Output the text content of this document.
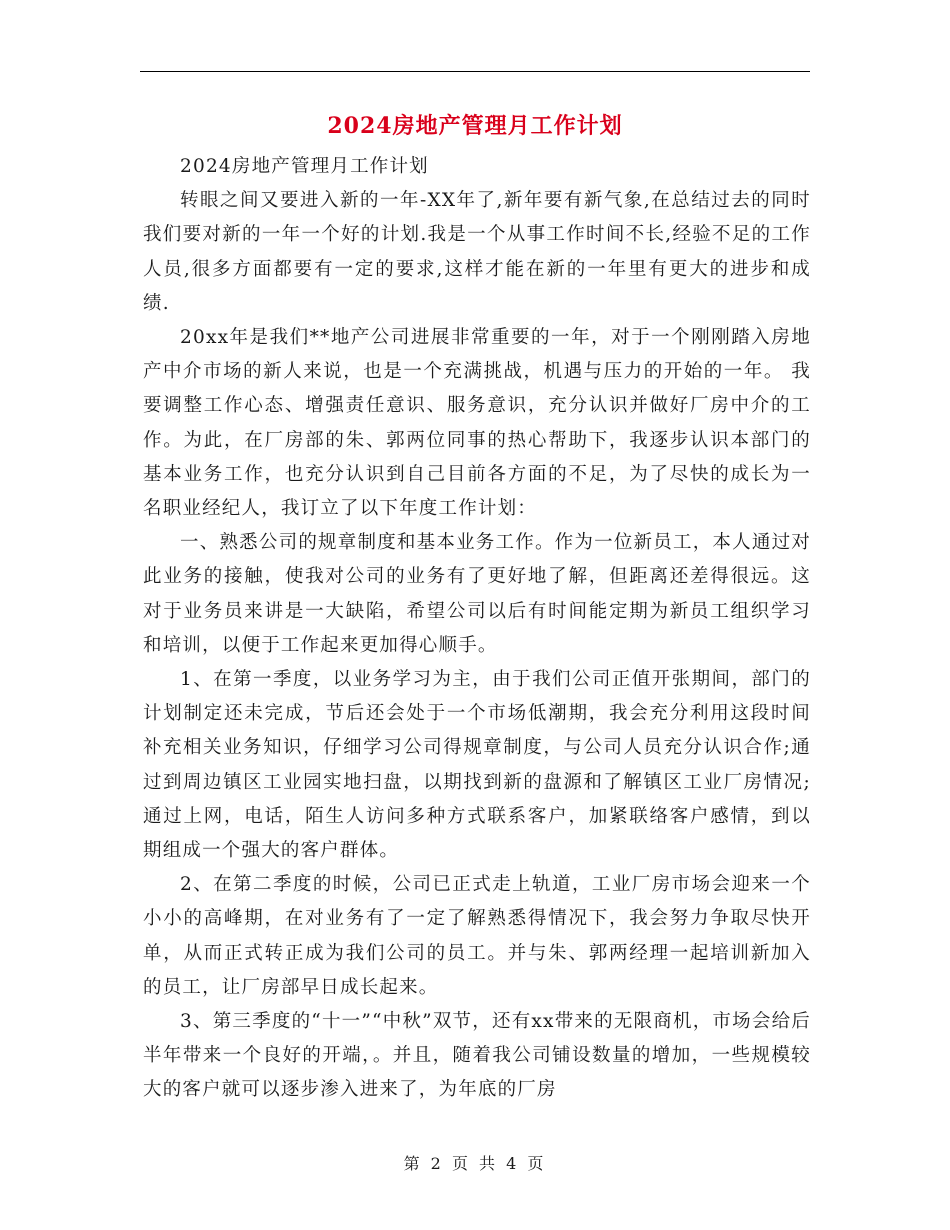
2024房地产管理月工作计划

2024房地产管理月工作计划

转眼之间又要进入新的一年-XX年了,新年要有新气象,在总结过去的同时我们要对新的一年一个好的计划.我是一个从事工作时间不长,经验不足的工作人员,很多方面都要有一定的要求,这样才能在新的一年里有更大的进步和成绩.

20xx年是我们**地产公司进展非常重要的一年，对于一个刚刚踏入房地产中介市场的新人来说，也是一个充满挑战，机遇与压力的开始的一年。 我要调整工作心态、增强责任意识、服务意识，充分认识并做好厂房中介的工作。为此，在厂房部的朱、郭两位同事的热心帮助下，我逐步认识本部门的基本业务工作，也充分认识到自己目前各方面的不足，为了尽快的成长为一名职业经纪人，我订立了以下年度工作计划：

一、熟悉公司的规章制度和基本业务工作。作为一位新员工，本人通过对此业务的接触，使我对公司的业务有了更好地了解，但距离还差得很远。这对于业务员来讲是一大缺陷，希望公司以后有时间能定期为新员工组织学习和培训，以便于工作起来更加得心顺手。

1、在第一季度，以业务学习为主，由于我们公司正值开张期间，部门的计划制定还未完成，节后还会处于一个市场低潮期，我会充分利用这段时间补充相关业务知识，仔细学习公司得规章制度，与公司人员充分认识合作;通过到周边镇区工业园实地扫盘，以期找到新的盘源和了解镇区工业厂房情况;通过上网，电话，陌生人访问多种方式联系客户，加紧联络客户感情，到以期组成一个强大的客户群体。

2、在第二季度的时候，公司已正式走上轨道，工业厂房市场会迎来一个小小的高峰期，在对业务有了一定了解熟悉得情况下，我会努力争取尽快开单，从而正式转正成为我们公司的员工。并与朱、郭两经理一起培训新加入的员工，让厂房部早日成长起来。

3、第三季度的“十一”“中秋”双节，还有xx带来的无限商机，市场会给后半年带来一个良好的开端，。并且，随着我公司铺设数量的增加，一些规模较大的客户就可以逐步渗入进来了，为年底的厂房

第 2 页 共 4 页
